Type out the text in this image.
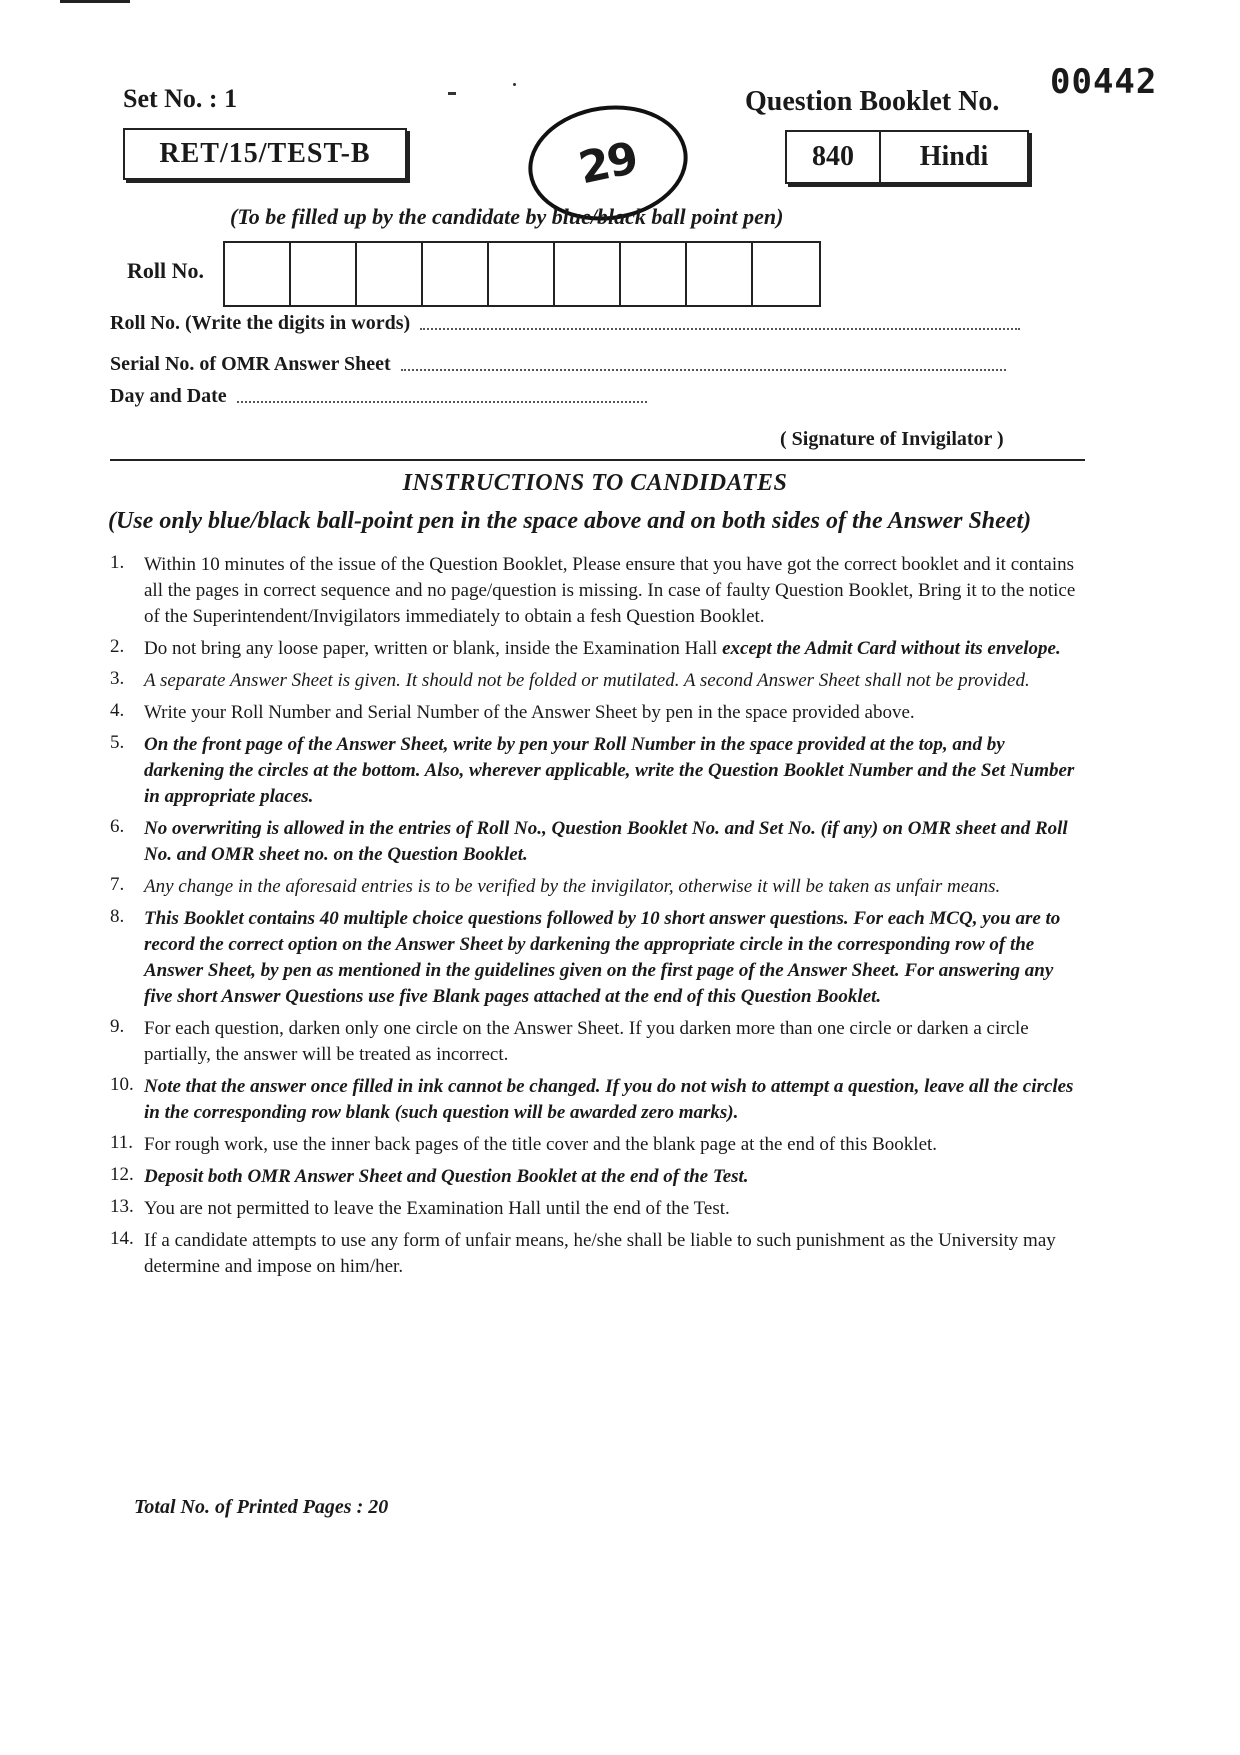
Set No. : 1
RET/15/TEST-B	29
Question Booklet No. 00442
840	Hindi
(To be filled up by the candidate by blue/black ball point pen)
Roll No.
Roll No. (Write the digits in words)
Serial No. of OMR Answer Sheet
Day and Date
( Signature of Invigilator )
INSTRUCTIONS TO CANDIDATES
(Use only blue/black ball-point pen in the space above and on both sides of the Answer Sheet)
1.	Within 10 minutes of the issue of the Question Booklet, Please ensure that you have got the correct booklet and it contains all the pages in correct sequence and no page/question is missing. In case of faulty Question Booklet, Bring it to the notice of the Superintendent/Invigilators immediately to obtain a fesh Question Booklet.
2.	Do not bring any loose paper, written or blank, inside the Examination Hall except the Admit Card without its envelope.
3.	A separate Answer Sheet is given. It should not be folded or mutilated. A second Answer Sheet shall not be provided.
4.	Write your Roll Number and Serial Number of the Answer Sheet by pen in the space provided above.
5.	On the front page of the Answer Sheet, write by pen your Roll Number in the space provided at the top, and by darkening the circles at the bottom. Also, wherever applicable, write the Question Booklet Number and the Set Number in appropriate places.
6.	No overwriting is allowed in the entries of Roll No., Question Booklet No. and Set No. (if any) on OMR sheet and Roll No. and OMR sheet no. on the Question Booklet.
7.	Any change in the aforesaid entries is to be verified by the invigilator, otherwise it will be taken as unfair means.
8.	This Booklet contains 40 multiple choice questions followed by 10 short answer questions. For each MCQ, you are to record the correct option on the Answer Sheet by darkening the appropriate circle in the corresponding row of the Answer Sheet, by pen as mentioned in the guidelines given on the first page of the Answer Sheet. For answering any five short Answer Questions use five Blank pages attached at the end of this Question Booklet.
9.	For each question, darken only one circle on the Answer Sheet. If you darken more than one circle or darken a circle partially, the answer will be treated as incorrect.
10. Note that the answer once filled in ink cannot be changed. If you do not wish to attempt a question, leave all the circles in the corresponding row blank (such question will be awarded zero marks).
11. For rough work, use the inner back pages of the title cover and the blank page at the end of this Booklet.
12. Deposit both OMR Answer Sheet and Question Booklet at the end of the Test.
13. You are not permitted to leave the Examination Hall until the end of the Test.
14. If a candidate attempts to use any form of unfair means, he/she shall be liable to such punishment as the University may determine and impose on him/her.
Total No. of Printed Pages : 20
